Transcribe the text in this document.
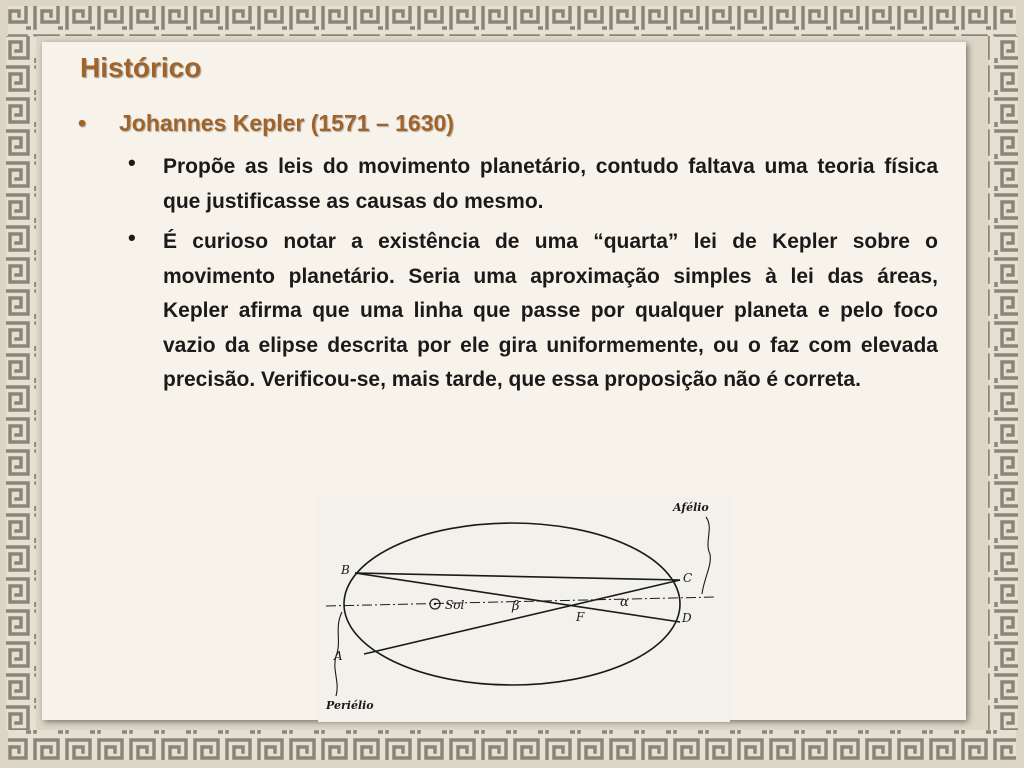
Histórico
• Johannes Kepler (1571 – 1630)
• Propõe as leis do movimento planetário, contudo faltava uma teoria física que justificasse as causas do mesmo.
• É curioso notar a existência de uma “quarta” lei de Kepler sobre o movimento planetário. Seria uma aproximação simples à lei das áreas, Kepler afirma que uma linha que passe por qualquer planeta e pelo foco vazio da elipse descrita por ele gira uniformemente, ou o faz com elevada precisão. Verificou-se, mais tarde, que essa proposição não é correta.
Sol	β	α
B
A
C
D
F
Afélio
Periélio
